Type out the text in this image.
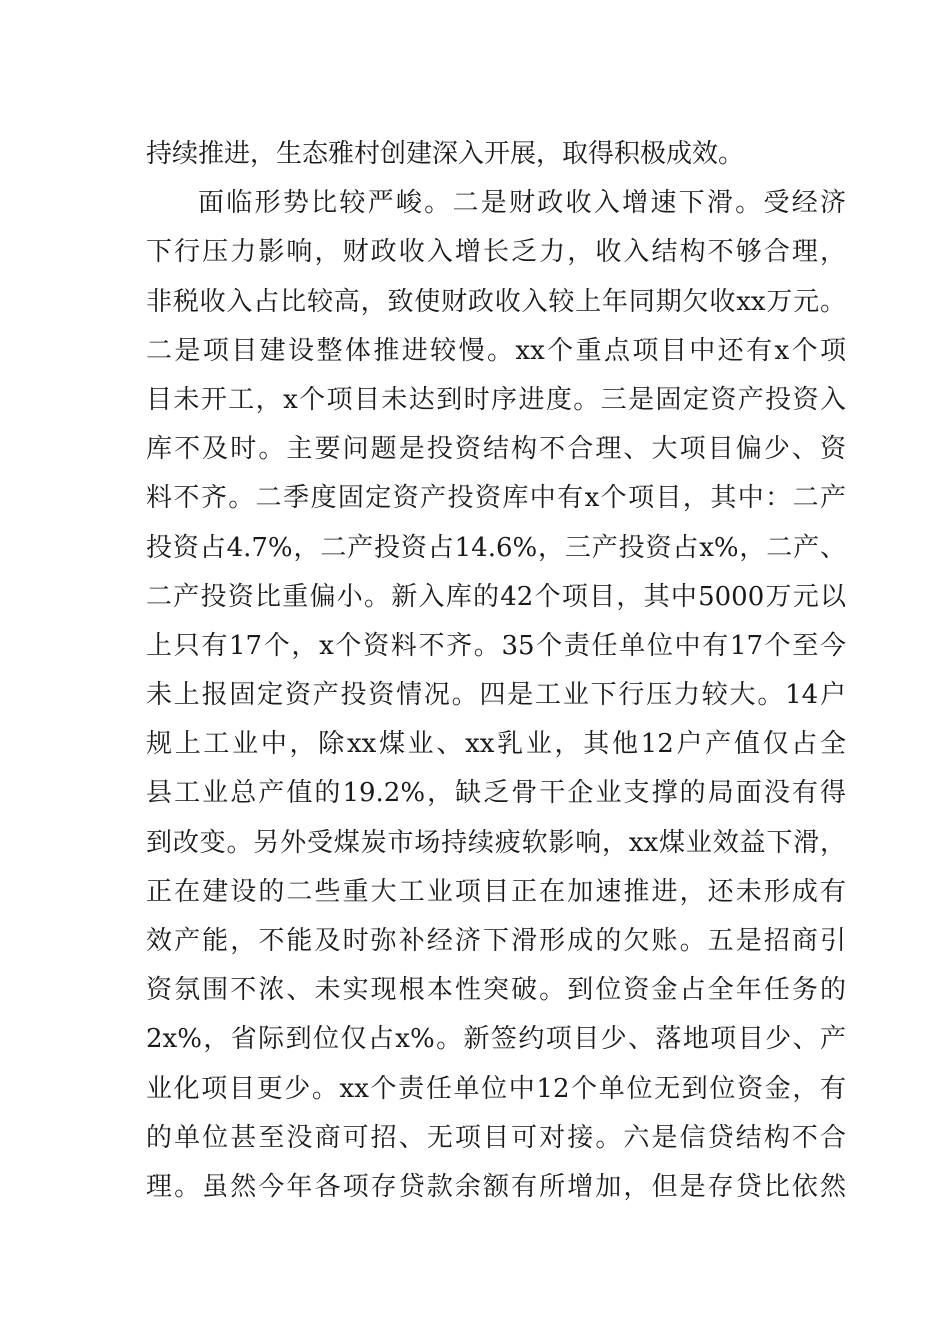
持续推进，生态雅村创建深入开展，取得积极成效。
面临形势比较严峻。二是财政收入增速下滑。受经济
下行压力影响，财政收入增长乏力，收入结构不够合理，
非税收入占比较高，致使财政收入较上年同期欠收xx万元。
二是项目建设整体推进较慢。xx个重点项目中还有x个项
目未开工，x个项目未达到时序进度。三是固定资产投资入
库不及时。主要问题是投资结构不合理、大项目偏少、资
料不齐。二季度固定资产投资库中有x个项目，其中：二产
投资占4.7%，二产投资占14.6%，三产投资占x%，二产、
二产投资比重偏小。新入库的42个项目，其中5000万元以
上只有17个，x个资料不齐。35个责任单位中有17个至今
未上报固定资产投资情况。四是工业下行压力较大。14户
规上工业中，除xx煤业、xx乳业，其他12户产值仅占全
县工业总产值的19.2%，缺乏骨干企业支撑的局面没有得
到改变。另外受煤炭市场持续疲软影响，xx煤业效益下滑，
正在建设的二些重大工业项目正在加速推进，还未形成有
效产能，不能及时弥补经济下滑形成的欠账。五是招商引
资氛围不浓、未实现根本性突破。到位资金占全年任务的
2x%，省际到位仅占x%。新签约项目少、落地项目少、产
业化项目更少。xx个责任单位中12个单位无到位资金，有
的单位甚至没商可招、无项目可对接。六是信贷结构不合
理。虽然今年各项存贷款余额有所增加，但是存贷比依然
